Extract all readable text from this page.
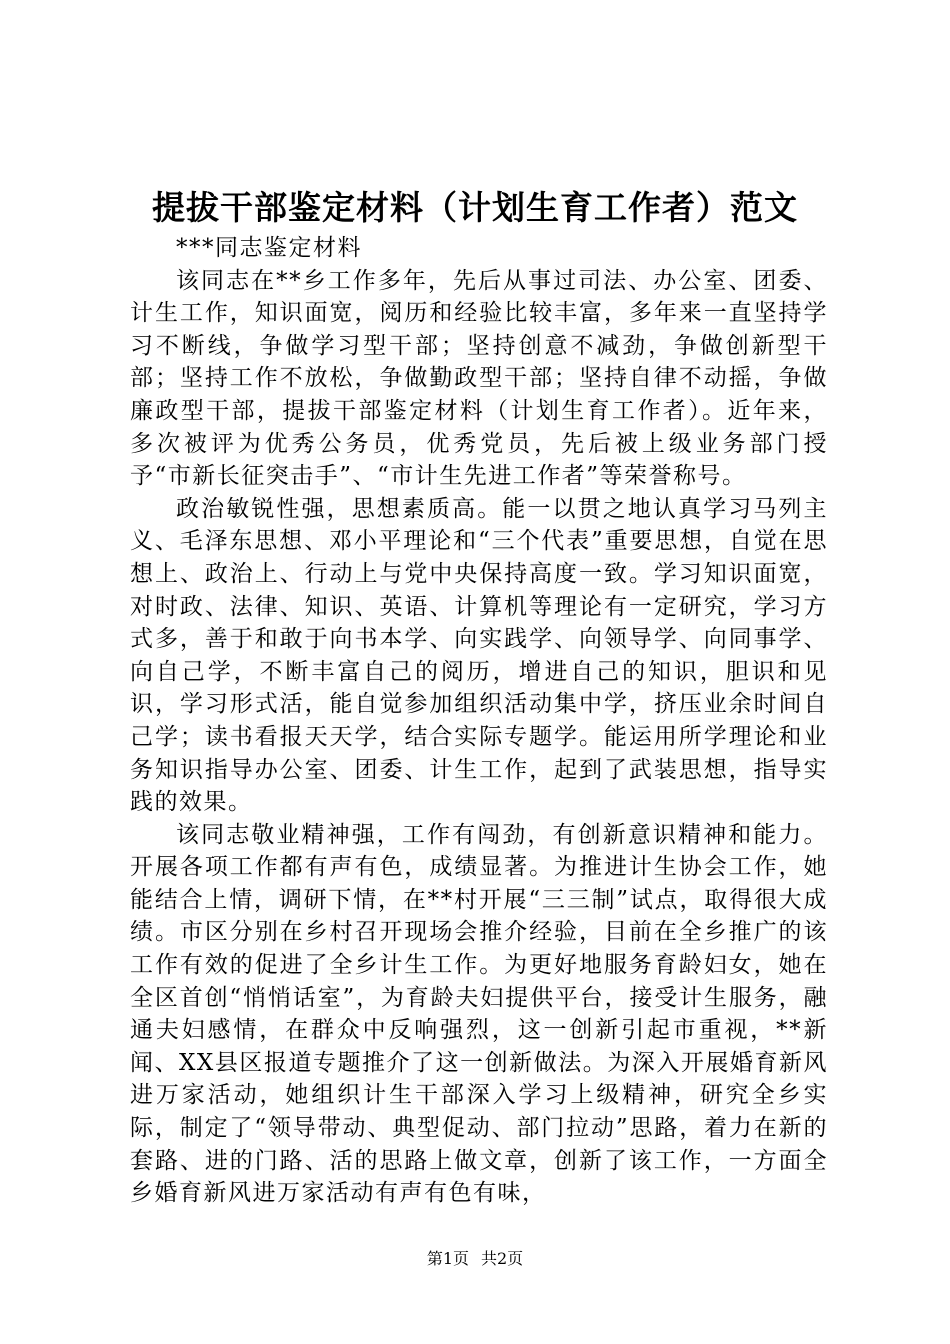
提拔干部鉴定材料（计划生育工作者）范文

***同志鉴定材料

该同志在**乡工作多年，先后从事过司法、办公室、团委、计生工作，知识面宽，阅历和经验比较丰富，多年来一直坚持学习不断线，争做学习型干部；坚持创意不减劲，争做创新型干部；坚持工作不放松，争做勤政型干部；坚持自律不动摇，争做廉政型干部，提拔干部鉴定材料（计划生育工作者）。近年来，多次被评为优秀公务员，优秀党员，先后被上级业务部门授予“市新长征突击手”、“市计生先进工作者”等荣誉称号。

政治敏锐性强，思想素质高。能一以贯之地认真学习马列主义、毛泽东思想、邓小平理论和“三个代表”重要思想，自觉在思想上、政治上、行动上与党中央保持高度一致。学习知识面宽，对时政、法律、知识、英语、计算机等理论有一定研究，学习方式多，善于和敢于向书本学、向实践学、向领导学、向同事学、向自己学，不断丰富自己的阅历，增进自己的知识，胆识和见识，学习形式活，能自觉参加组织活动集中学，挤压业余时间自己学；读书看报天天学，结合实际专题学。能运用所学理论和业务知识指导办公室、团委、计生工作，起到了武装思想，指导实践的效果。

该同志敬业精神强，工作有闯劲，有创新意识精神和能力。开展各项工作都有声有色，成绩显著。为推进计生协会工作，她能结合上情，调研下情，在**村开展“三三制”试点，取得很大成绩。市区分别在乡村召开现场会推介经验，目前在全乡推广的该工作有效的促进了全乡计生工作。为更好地服务育龄妇女，她在全区首创“悄悄话室”，为育龄夫妇提供平台，接受计生服务，融通夫妇感情，在群众中反响强烈，这一创新引起市重视，**新闻、XX县区报道专题推介了这一创新做法。为深入开展婚育新风进万家活动，她组织计生干部深入学习上级精神，研究全乡实际，制定了“领导带动、典型促动、部门拉动”思路，着力在新的套路、进的门路、活的思路上做文章，创新了该工作，一方面全乡婚育新风进万家活动有声有色有味，

第1页 共2页
